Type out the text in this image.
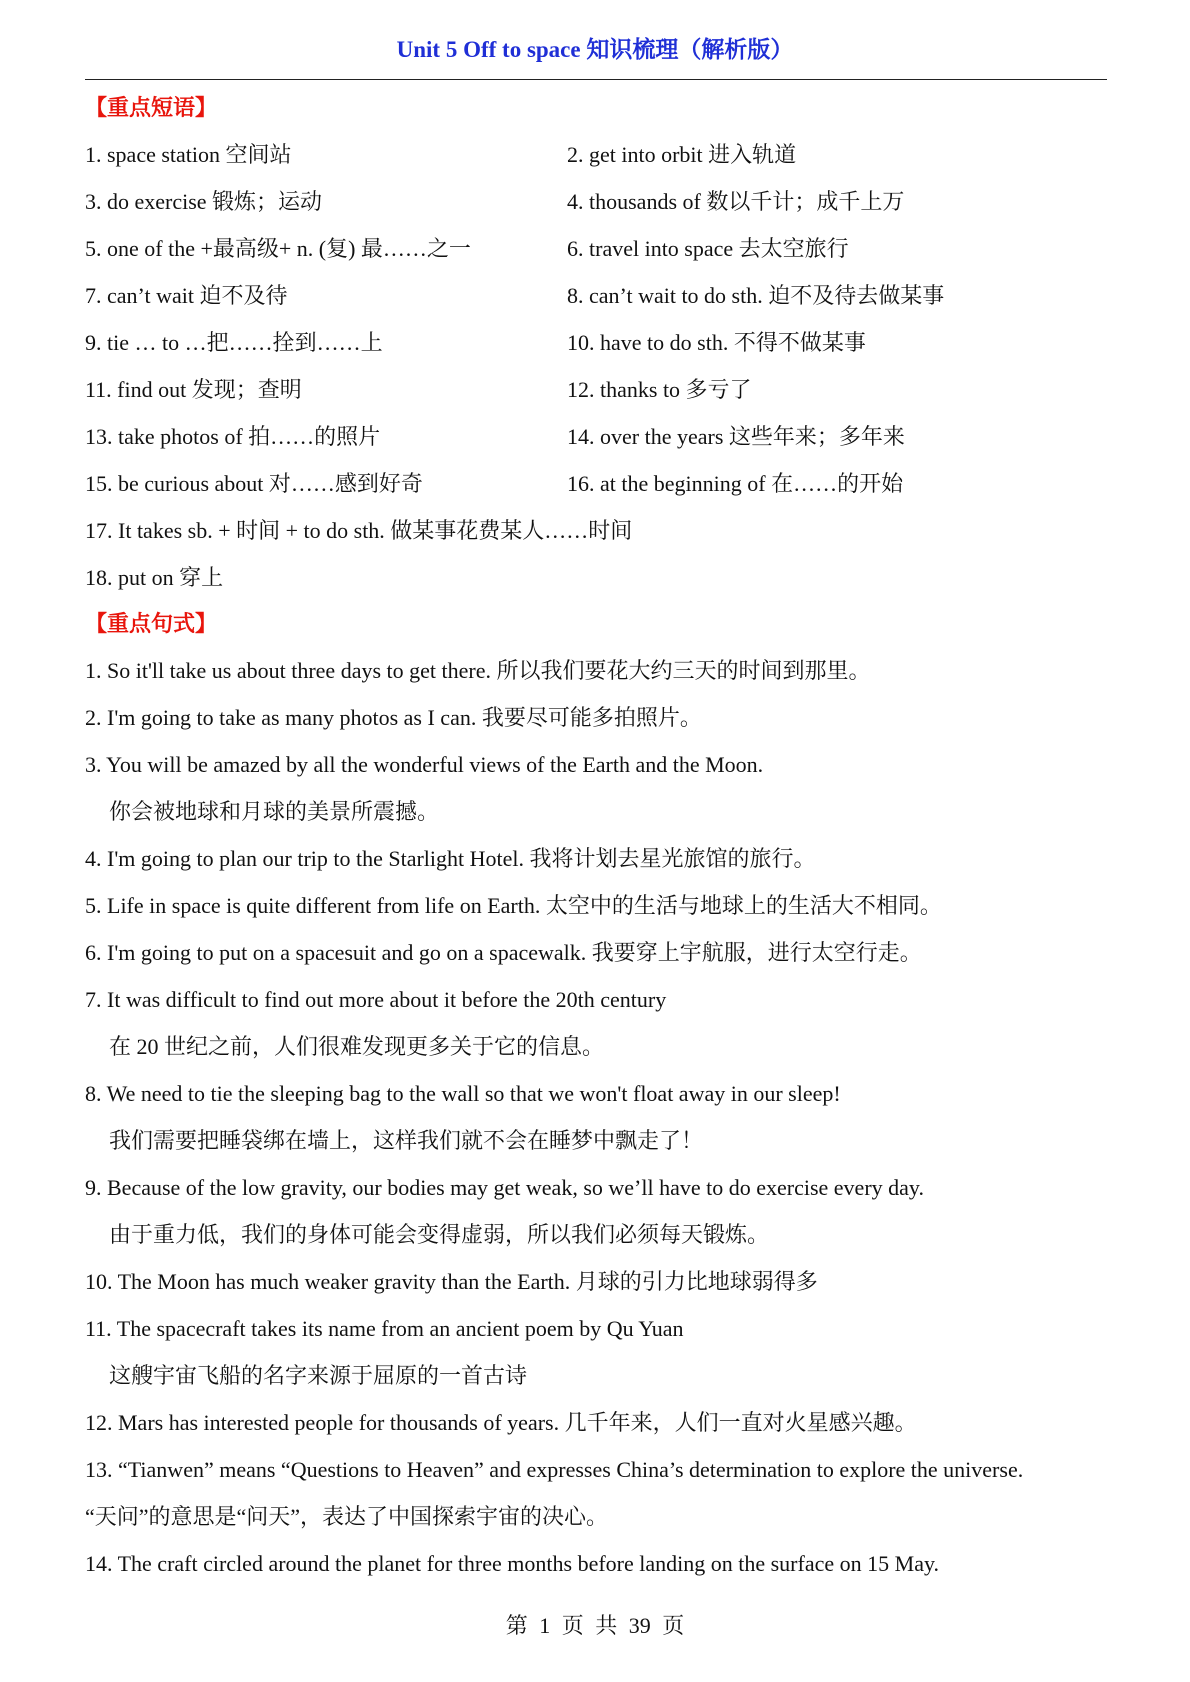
Unit 5 Off to space 知识梳理（解析版）
【重点短语】
1. space station 空间站	2. get into orbit 进入轨道
3. do exercise 锻炼；运动	4. thousands of 数以千计；成千上万
5. one of the +最高级+ n. (复) 最……之一	6. travel into space 去太空旅行
7. can’t wait 迫不及待	8. can’t wait to do sth. 迫不及待去做某事
9. tie … to …把……拴到……上	10. have to do sth. 不得不做某事
11. find out 发现；查明	12. thanks to 多亏了
13. take photos of 拍……的照片	14. over the years 这些年来；多年来
15. be curious about 对……感到好奇	16. at the beginning of 在……的开始
17. It takes sb. + 时间 + to do sth. 做某事花费某人……时间
18. put on 穿上
【重点句式】
1. So it'll take us about three days to get there. 所以我们要花大约三天的时间到那里。
2. I'm going to take as many photos as I can. 我要尽可能多拍照片。
3. You will be amazed by all the wonderful views of the Earth and the Moon.
你会被地球和月球的美景所震撼。
4. I'm going to plan our trip to the Starlight Hotel. 我将计划去星光旅馆的旅行。
5. Life in space is quite different from life on Earth. 太空中的生活与地球上的生活大不相同。
6. I'm going to put on a spacesuit and go on a spacewalk. 我要穿上宇航服，进行太空行走。
7. It was difficult to find out more about it before the 20th century
在 20 世纪之前，人们很难发现更多关于它的信息。
8. We need to tie the sleeping bag to the wall so that we won't float away in our sleep!
我们需要把睡袋绑在墙上，这样我们就不会在睡梦中飘走了！
9. Because of the low gravity, our bodies may get weak, so we’ll have to do exercise every day.
由于重力低，我们的身体可能会变得虚弱，所以我们必须每天锻炼。
10. The Moon has much weaker gravity than the Earth. 月球的引力比地球弱得多
11. The spacecraft takes its name from an ancient poem by Qu Yuan
这艘宇宙飞船的名字来源于屈原的一首古诗
12. Mars has interested people for thousands of years. 几千年来，人们一直对火星感兴趣。
13. “Tianwen” means “Questions to Heaven” and expresses China’s determination to explore the universe.
“天问”的意思是“问天”，表达了中国探索宇宙的决心。
14. The craft circled around the planet for three months before landing on the surface on 15 May.
第 1 页 共 39 页
